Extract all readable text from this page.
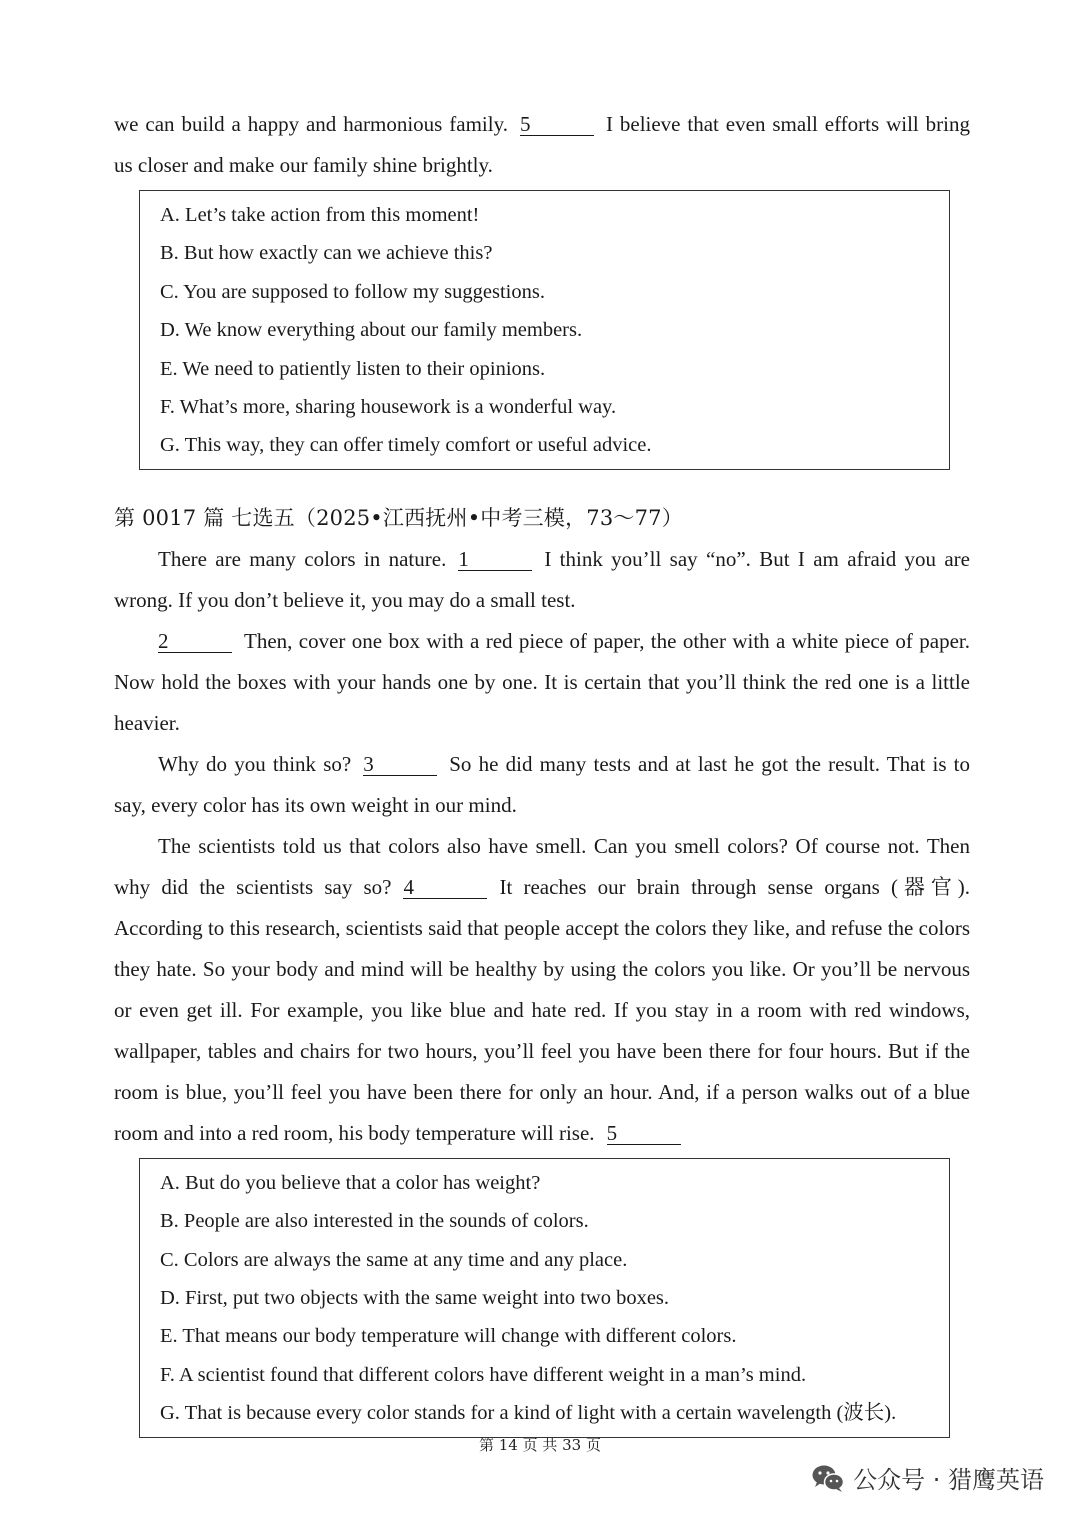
we can build a happy and harmonious family. 5	I believe that even small efforts will bring us closer and make our family shine brightly.

A. Let’s take action from this moment!

B. But how exactly can we achieve this?

C. You are supposed to follow my suggestions.

D. We know everything about our family members.

E. We need to patiently listen to their opinions.

F. What’s more, sharing housework is a wonderful way.

G. This way, they can offer timely comfort or useful advice.

第 0017 篇 七选五（2025•江西抚州•中考三模，73～77）

There are many colors in nature. 1	I think you’ll say “no”. But I am afraid you are wrong. If you don’t believe it, you may do a small test.

2	Then, cover one box with a red piece of paper, the other with a white piece of paper. Now hold the boxes with your hands one by one. It is certain that you’ll think the red one is a little heavier.

Why do you think so? 3	So he did many tests and at last he got the result. That is to say, every color has its own weight in our mind.

The scientists told us that colors also have smell. Can you smell colors? Of course not. Then why did the scientists say so? 4	It reaches our brain through sense organs (器官). According to this research, scientists said that people accept the colors they like, and refuse the colors they hate. So your body and mind will be healthy by using the colors you like. Or you’ll be nervous or even get ill. For example, you like blue and hate red. If you stay in a room with red windows, wallpaper, tables and chairs for two hours, you’ll feel you have been there for four hours. But if the room is blue, you’ll feel you have been there for only an hour. And, if a person walks out of a blue room and into a red room, his body temperature will rise. 5

A. But do you believe that a color has weight?

B. People are also interested in the sounds of colors.

C. Colors are always the same at any time and any place.

D. First, put two objects with the same weight into two boxes.

E. That means our body temperature will change with different colors.

F. A scientist found that different colors have different weight in a man’s mind.

G. That is because every color stands for a kind of light with a certain wavelength (波长).

第 14 页 共 33 页
公众号 · 猎鹰英语
